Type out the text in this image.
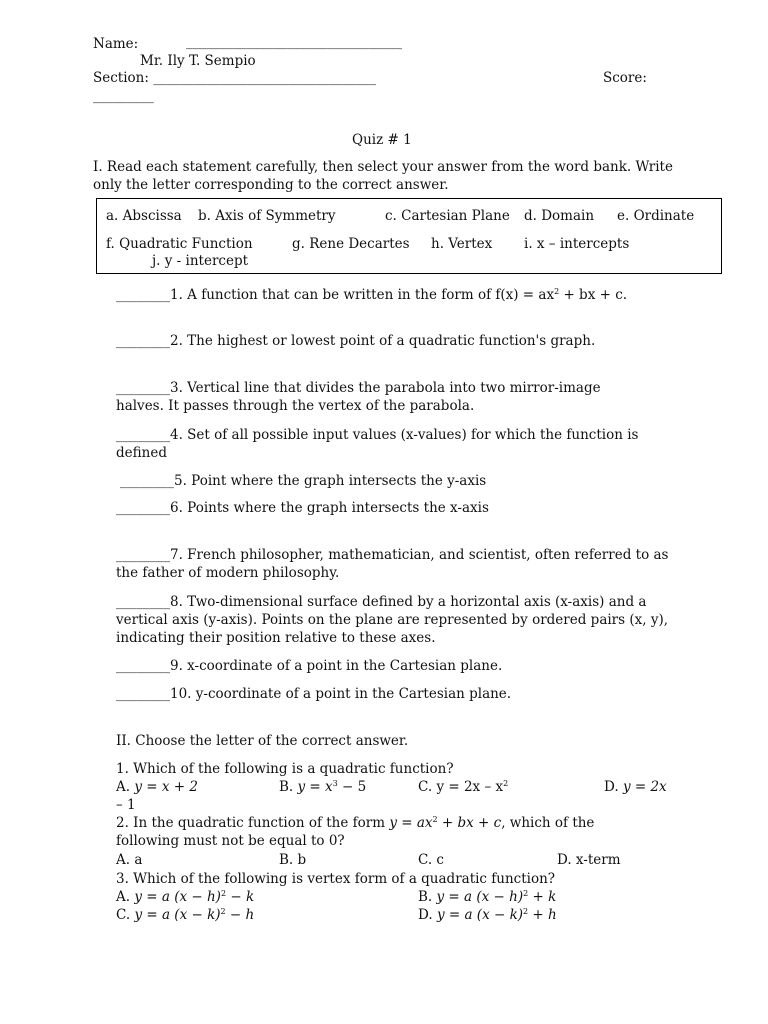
Name:	________________________________
Mr. Ily T. Sempio
Section: _________________________________	Score:
_________
Quiz # 1
I. Read each statement carefully, then select your answer from the word bank. Write only the letter corresponding to the correct answer.
a. Abscissa b. Axis of Symmetry	c. Cartesian Plane d. Domain e. Ordinate
f. Quadratic Function	g. Rene Decartes h. Vertex i. x – intercepts
j. y - intercept
________1. A function that can be written in the form of $f(x) = ax^2$ + bx + c.
________2. The highest or lowest point of a quadratic function's graph.
________3. Vertical line that divides the parabola into two mirror-image halves. It passes through the vertex of the parabola.
________4. Set of all possible input values (x-values) for which the function is defined
________5. Point where the graph intersects the y-axis
________6. Points where the graph intersects the x-axis
________7. French philosopher, mathematician, and scientist, often referred to as the father of modern philosophy.
________8. Two-dimensional surface defined by a horizontal axis (x-axis) and a vertical axis (y-axis). Points on the plane are represented by ordered pairs (x, y), indicating their position relative to these axes.
________9. x-coordinate of a point in the Cartesian plane.
________10. y-coordinate of a point in the Cartesian plane.
II. Choose the letter of the correct answer.
1. Which of the following is a quadratic function?
A. y = x + 2	B. $y = x^3 - 5$	C. $y = 2x - x^2$	D. y = 2x
– 1
2. In the quadratic function of the form $y = ax^2$ + bx + c, which of the
following must not be equal to 0?
A. a	B. b	C. c	D. x-term
3. Which of the following is vertex form of a quadratic function?
A. y = a $(x - h)^2 - k$	B. y = a $(x - h)^2 + k$
C. y = a $(x - k)^2 - h$	D. y = a $(x - k)^2 + h$
